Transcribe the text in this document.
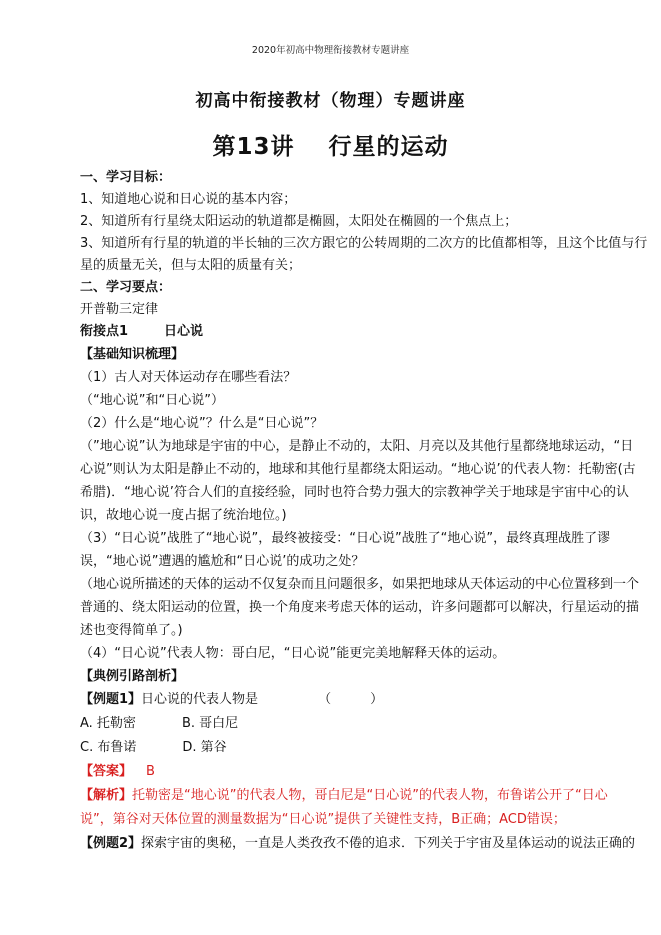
2020年初高中物理衔接教材专题讲座
初高中衔接教材（物理）专题讲座
第13讲 行星的运动
一、学习目标：
1、知道地心说和日心说的基本内容；
2、知道所有行星绕太阳运动的轨道都是椭圆，太阳处在椭圆的一个焦点上；
3、知道所有行星的轨道的半长轴的三次方跟它的公转周期的二次方的比值都相等，且这个比值与行
星的质量无关，但与太阳的质量有关；
二、学习要点：
开普勒三定律
衔接点1	日心说
【基础知识梳理】
（1）古人对天体运动存在哪些看法？
（“地心说”和“日心说”）
（2）什么是“地心说”？什么是“日心说”？
（”地心说”认为地球是宇宙的中心，是静止不动的，太阳、月亮以及其他行星都绕地球运动，“日
心说”则认为太阳是静止不动的，地球和其他行星都绕太阳运动。“地心说’的代表人物：托勒密(古
希腊)．“地心说’符合人们的直接经验，同时也符合势力强大的宗教神学关于地球是宇宙中心的认
识，故地心说一度占据了统治地位。)
（3）“日心说”战胜了“地心说”，最终被接受：“日心说”战胜了“地心说”，最终真理战胜了谬
误，“地心说”遭遇的尴尬和“日心说’的成功之处？
（地心说所描述的天体的运动不仅复杂而且问题很多，如果把地球从天体运动的中心位置移到一个
普通的、绕太阳运动的位置，换一个角度来考虑天体的运动，许多问题都可以解决，行星运动的描
述也变得简单了。)
（4）“日心说”代表人物：哥白尼，“日心说”能更完美地解释天体的运动。
【典例引路剖析】
【例题1】日心说的代表人物是	（　　　）
A. 托勒密	B. 哥白尼
C. 布鲁诺	D. 第谷
【答案】 B
【解析】托勒密是“地心说”的代表人物，哥白尼是“日心说”的代表人物，布鲁诺公开了“日心
说”，第谷对天体位置的测量数据为“日心说”提供了关键性支持，B正确；ACD错误；
【例题2】探索宇宙的奥秘，一直是人类孜孜不倦的追求．下列关于宇宙及星体运动的说法正确的
